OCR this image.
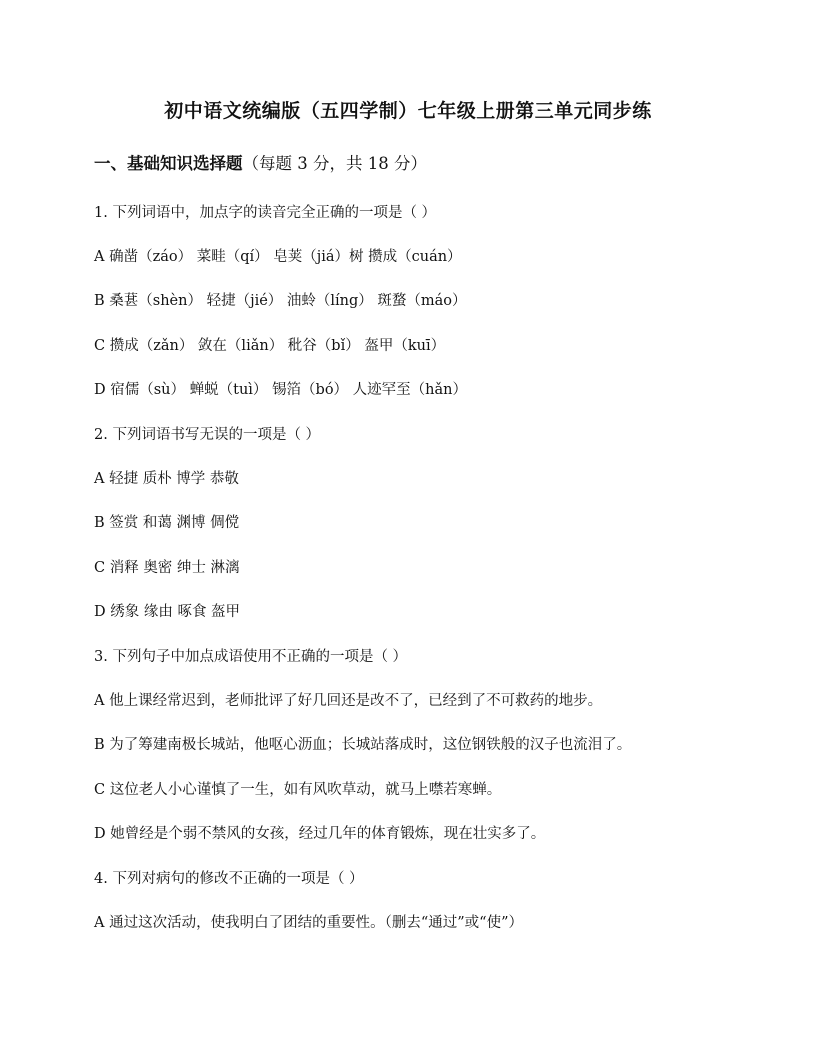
初中语文统编版（五四学制）七年级上册第三单元同步练
一、基础知识选择题（每题 3 分，共 18 分）
1. 下列词语中，加点字的读音完全正确的一项是（ ）
A 确凿（záo） 菜畦（qí） 皂荚（jiá）树 攒成（cuán）
B 桑葚（shèn） 轻捷（jié） 油蛉（líng） 斑蝥（máo）
C 攒成（zǎn） 敛在（liǎn） 秕谷（bǐ） 盔甲（kuī）
D 宿儒（sù） 蝉蜕（tuì） 锡箔（bó） 人迹罕至（hǎn）
2. 下列词语书写无误的一项是（ ）
A 轻捷 质朴 博学 恭敬
B 签赏 和蔼 渊博 倜傥
C 消释 奥密 绅士 淋漓
D 绣象 缘由 啄食 盔甲
3. 下列句子中加点成语使用不正确的一项是（ ）
A 他上课经常迟到，老师批评了好几回还是改不了，已经到了不可救药的地步。
B 为了筹建南极长城站，他呕心沥血；长城站落成时，这位钢铁般的汉子也流泪了。
C 这位老人小心谨慎了一生，如有风吹草动，就马上噤若寒蝉。
D 她曾经是个弱不禁风的女孩，经过几年的体育锻炼，现在壮实多了。
4. 下列对病句的修改不正确的一项是（ ）
A 通过这次活动，使我明白了团结的重要性。（删去“通过”或“使”）
